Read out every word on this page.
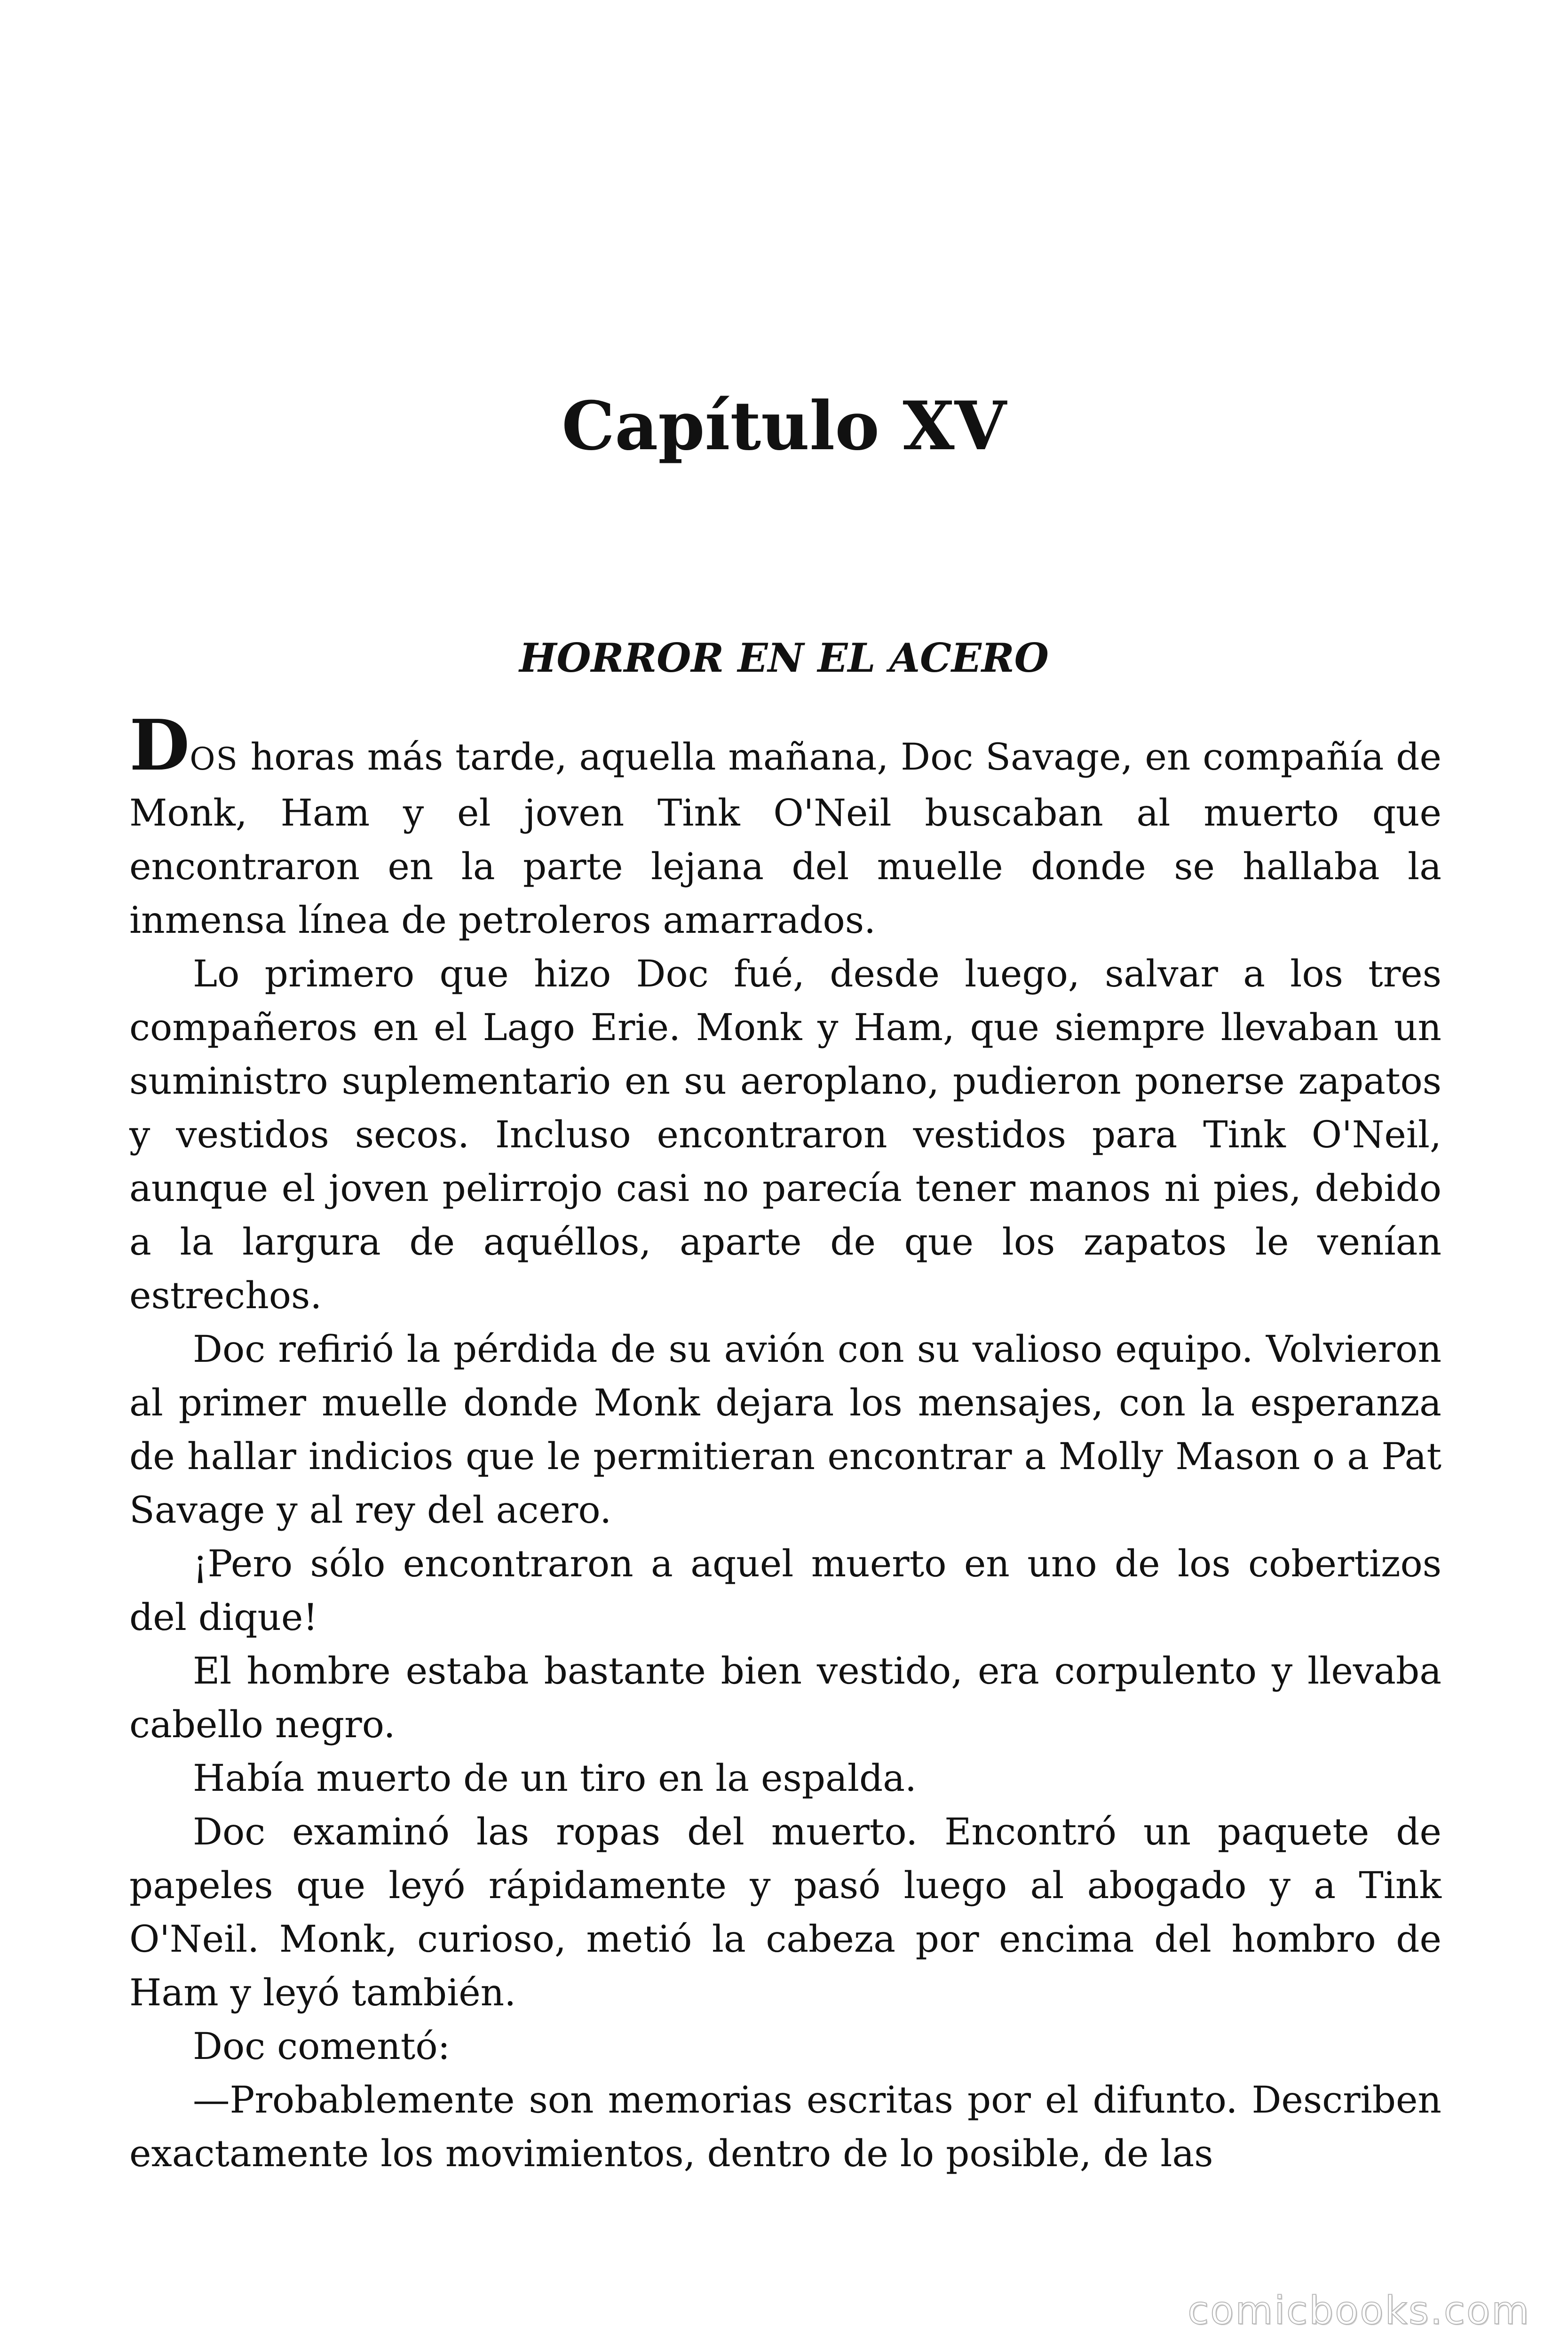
Capítulo XV
HORROR EN EL ACERO

DOS horas más tarde, aquella mañana, Doc Savage, en compañía de Monk, Ham y el joven Tink O'Neil buscaban al muerto que encontraron en la parte lejana del muelle donde se hallaba la inmensa línea de petroleros amarrados.

Lo primero que hizo Doc fué, desde luego, salvar a los tres compañeros en el Lago Erie. Monk y Ham, que siempre llevaban un suministro suplementario en su aeroplano, pudieron ponerse zapatos y vestidos secos. Incluso encontraron vestidos para Tink O'Neil, aunque el joven pelirrojo casi no parecía tener manos ni pies, debido a la largura de aquéllos, aparte de que los zapatos le venían estrechos.

Doc refirió la pérdida de su avión con su valioso equipo. Volvieron al primer muelle donde Monk dejara los mensajes, con la esperanza de hallar indicios que le permitieran encontrar a Molly Mason o a Pat Savage y al rey del acero.

¡Pero sólo encontraron a aquel muerto en uno de los cobertizos del dique!

El hombre estaba bastante bien vestido, era corpulento y llevaba cabello negro.

Había muerto de un tiro en la espalda.

Doc examinó las ropas del muerto. Encontró un paquete de papeles que leyó rápidamente y pasó luego al abogado y a Tink O'Neil. Monk, curioso, metió la cabeza por encima del hombro de Ham y leyó también.

Doc comentó:

—Probablemente son memorias escritas por el difunto. Describen exactamente los movimientos, dentro de lo posible, de las

comicbooks.com
